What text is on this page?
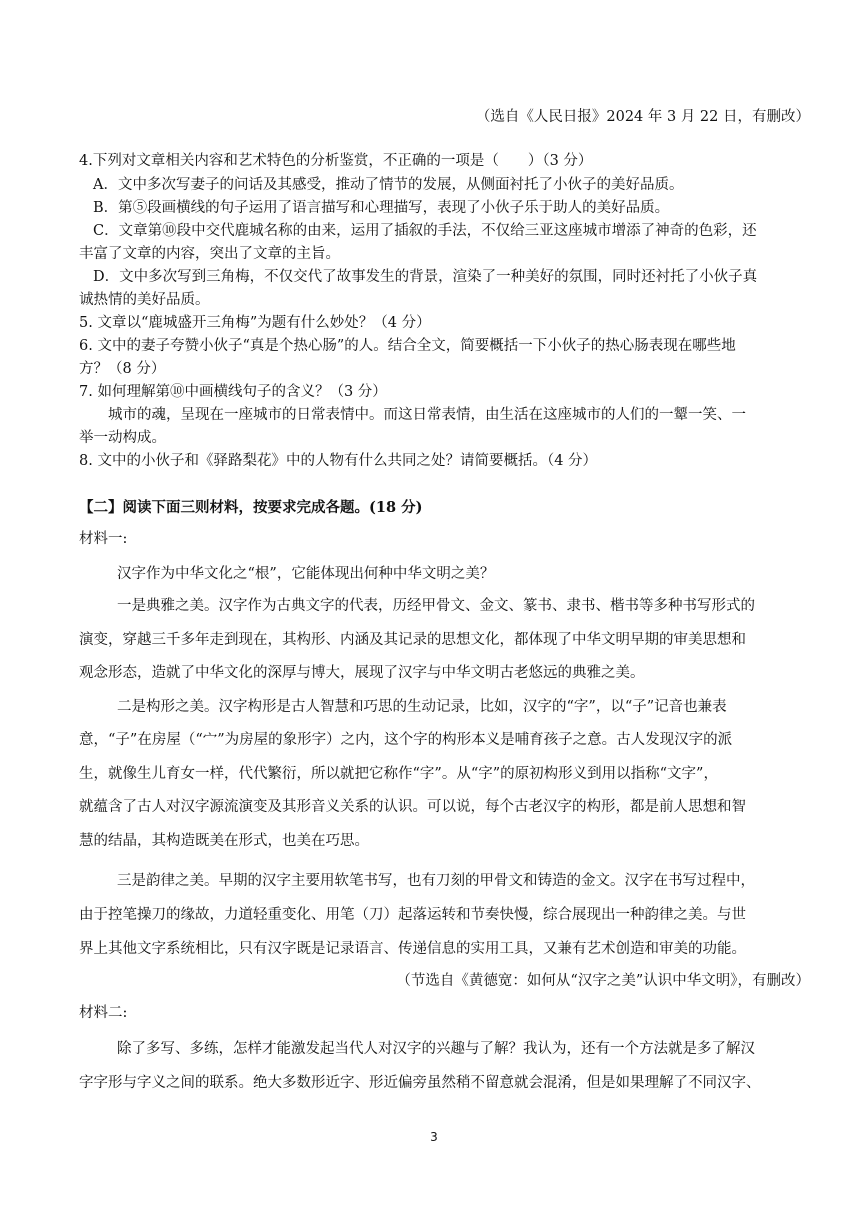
（选自《人民日报》2024 年 3 月 22 日，有删改）
4.下列对文章相关内容和艺术特色的分析鉴赏，不正确的一项是（　　）（3 分）
A．文中多次写妻子的问话及其感受，推动了情节的发展，从侧面衬托了小伙子的美好品质。
B．第⑤段画横线的句子运用了语言描写和心理描写，表现了小伙子乐于助人的美好品质。
C．文章第⑩段中交代鹿城名称的由来，运用了插叙的手法，不仅给三亚这座城市增添了神奇的色彩，还
丰富了文章的内容，突出了文章的主旨。
D．文中多次写到三角梅，不仅交代了故事发生的背景，渲染了一种美好的氛围，同时还衬托了小伙子真
诚热情的美好品质。
5. 文章以“鹿城盛开三角梅”为题有什么妙处？（4 分）
6. 文中的妻子夸赞小伙子“真是个热心肠”的人。结合全文，简要概括一下小伙子的热心肠表现在哪些地
方？（8 分）
7. 如何理解第⑩中画横线句子的含义？（3 分）
城市的魂，呈现在一座城市的日常表情中。而这日常表情，由生活在这座城市的人们的一颦一笑、一
举一动构成。
8. 文中的小伙子和《驿路梨花》中的人物有什么共同之处？请简要概括。（4 分）
【二】阅读下面三则材料，按要求完成各题。(18 分)
材料一:
汉字作为中华文化之“根”，它能体现出何种中华文明之美？
一是典雅之美。汉字作为古典文字的代表，历经甲骨文、金文、篆书、隶书、楷书等多种书写形式的
演变，穿越三千多年走到现在，其构形、内涵及其记录的思想文化，都体现了中华文明早期的审美思想和
观念形态，造就了中华文化的深厚与博大，展现了汉字与中华文明古老悠远的典雅之美。
二是构形之美。汉字构形是古人智慧和巧思的生动记录，比如，汉字的“字”，以“子”记音也兼表
意，“子”在房屋（“宀”为房屋的象形字）之内，这个字的构形本义是哺育孩子之意。古人发现汉字的派
生，就像生儿育女一样，代代繁衍，所以就把它称作“字”。从“字”的原初构形义到用以指称“文字”，
就蕴含了古人对汉字源流演变及其形音义关系的认识。可以说，每个古老汉字的构形，都是前人思想和智
慧的结晶，其构造既美在形式，也美在巧思。
三是韵律之美。早期的汉字主要用软笔书写，也有刀刻的甲骨文和铸造的金文。汉字在书写过程中，
由于控笔操刀的缘故，力道轻重变化、用笔（刀）起落运转和节奏快慢，综合展现出一种韵律之美。与世
界上其他文字系统相比，只有汉字既是记录语言、传递信息的实用工具，又兼有艺术创造和审美的功能。
（节选自《黄德宽：如何从“汉字之美”认识中华文明》，有删改）
材料二:
除了多写、多练，怎样才能激发起当代人对汉字的兴趣与了解？我认为，还有一个方法就是多了解汉
字字形与字义之间的联系。绝大多数形近字、形近偏旁虽然稍不留意就会混淆，但是如果理解了不同汉字、
3
